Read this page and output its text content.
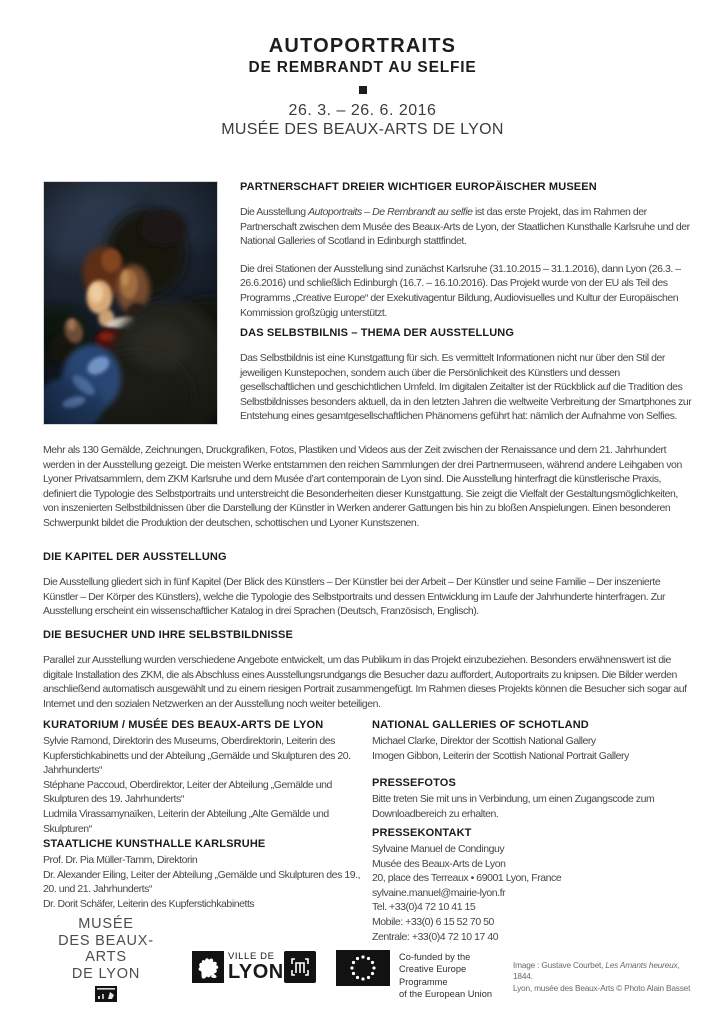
AUTOPORTRAITS
DE REMBRANDT AU SELFIE
26. 3. – 26. 6. 2016
MUSÉE DES BEAUX-ARTS DE LYON
PARTNERSCHAFT DREIER WICHTIGER EUROPÄISCHER MUSEEN

Die Ausstellung Autoportraits – De Rembrandt au selfie ist das erste Projekt, das im Rahmen der Partnerschaft zwischen dem Musée des Beaux-Arts de Lyon, der Staatlichen Kunsthalle Karlsruhe und der National Galleries of Scotland in Edinburgh stattfindet.

Die drei Stationen der Ausstellung sind zunächst Karlsruhe (31.10.2015 – 31.1.2016), dann Lyon (26.3. – 26.6.2016) und schließlich Edinburgh (16.7. – 16.10.2016). Das Projekt wurde von der EU als Teil des Programms „Creative Europe“ der Exekutivagentur Bildung, Audiovisuelles und Kultur der Europäischen Kommission großzügig unterstützt.

DAS SELBSTBILNIS – THEMA DER AUSSTELLUNG

Das Selbstbildnis ist eine Kunstgattung für sich. Es vermittelt Informationen nicht nur über den Stil der jeweiligen Kunstepochen, sondern auch über die Persönlichkeit des Künstlers und dessen gesellschaftlichen und geschichtlichen Umfeld. Im digitalen Zeitalter ist der Rückblick auf die Tradition des Selbstbildnisses besonders aktuell, da in den letzten Jahren die weltweite Verbreitung der Smartphones zur Entstehung eines gesamtgesellschaftlichen Phänomens geführt hat: nämlich der Aufnahme von Selfies.

Mehr als 130 Gemälde, Zeichnungen, Druckgrafiken, Fotos, Plastiken und Videos aus der Zeit zwischen der Renaissance und dem 21. Jahrhundert werden in der Ausstellung gezeigt. Die meisten Werke entstammen den reichen Sammlungen der drei Partnermuseen, während andere Leihgaben von Lyoner Privatsammlern, dem ZKM Karlsruhe und dem Musée d’art contemporain de Lyon sind. Die Ausstellung hinterfragt die künstlerische Praxis, definiert die Typologie des Selbstportraits und unterstreicht die Besonderheiten dieser Kunstgattung. Sie zeigt die Vielfalt der Gestaltungsmöglichkeiten, von inszenierten Selbstbildnissen über die Darstellung der Künstler in Werken anderer Gattungen bis hin zu bloßen Anspielungen. Einen besonderen Schwerpunkt bildet die Produktion der deutschen, schottischen und Lyoner Kunstszenen.

DIE KAPITEL DER AUSSTELLUNG

Die Ausstellung gliedert sich in fünf Kapitel (Der Blick des Künstlers – Der Künstler bei der Arbeit – Der Künstler und seine Familie – Der inszenierte Künstler – Der Körper des Künstlers), welche die Typologie des Selbstportraits und dessen Entwicklung im Laufe der Jahrhunderte hinterfragen. Zur Ausstellung erscheint ein wissenschaftlicher Katalog in drei Sprachen (Deutsch, Französisch, Englisch).

DIE BESUCHER UND IHRE SELBSTBILDNISSE

Parallel zur Ausstellung wurden verschiedene Angebote entwickelt, um das Publikum in das Projekt einzubeziehen. Besonders erwähnenswert ist die digitale Installation des ZKM, die als Abschluss eines Ausstellungsrundgangs die Besucher dazu auffordert, Autoportraits zu knipsen. Die Bilder werden anschließend automatisch ausgewählt und zu einem riesigen Portrait zusammengefügt. Im Rahmen dieses Projekts können die Besucher sich sogar auf Internet und den sozialen Netzwerken an der Ausstellung noch weiter beteiligen.

KURATORIUM / MUSÉE DES BEAUX-ARTS DE LYON
Sylvie Ramond, Direktorin des Museums, Oberdirektorin, Leiterin des Kupferstichkabinetts und der Abteilung „Gemälde und Skulpturen des 20. Jahrhunderts“
Stéphane Paccoud, Oberdirektor, Leiter der Abteilung „Gemälde und Skulpturen des 19. Jahrhunderts“
Ludmila Virassamynaïken, Leiterin der Abteilung „Alte Gemälde und Skulpturen“
STAATLICHE KUNSTHALLE KARLSRUHE
Prof. Dr. Pia Müller-Tamm, Direktorin
Dr. Alexander Eiling, Leiter der Abteilung „Gemälde und Skulpturen des 19., 20. und 21. Jahrhunderts“
Dr. Dorit Schäfer, Leiterin des Kupferstichkabinetts
NATIONAL GALLERIES OF SCHOTLAND
Michael Clarke, Direktor der Scottish National Gallery
Imogen Gibbon, Leiterin der Scottish National Portrait Gallery
PRESSEFOTOS
Bitte treten Sie mit uns in Verbindung, um einen Zugangscode zum Downloadbereich zu erhalten.
PRESSEKONTAKT
Sylvaine Manuel de Condinguy
Musée des Beaux-Arts de Lyon
20, place des Terreaux • 69001 Lyon, France
sylvaine.manuel@mairie-lyon.fr
Tel. +33(0)4 72 10 41 15
Mobile: +33(0) 6 15 52 70 50
Zentrale: +33(0)4 72 10 17 40
MUSÉE
DES BEAUX-ARTS
DE LYON
VILLE DE
LYON
Co-funded by the
Creative Europe Programme
of the European Union
Image : Gustave Courbet, Les Amants heureux, 1844.
Lyon, musée des Beaux-Arts © Photo Alain Basset
